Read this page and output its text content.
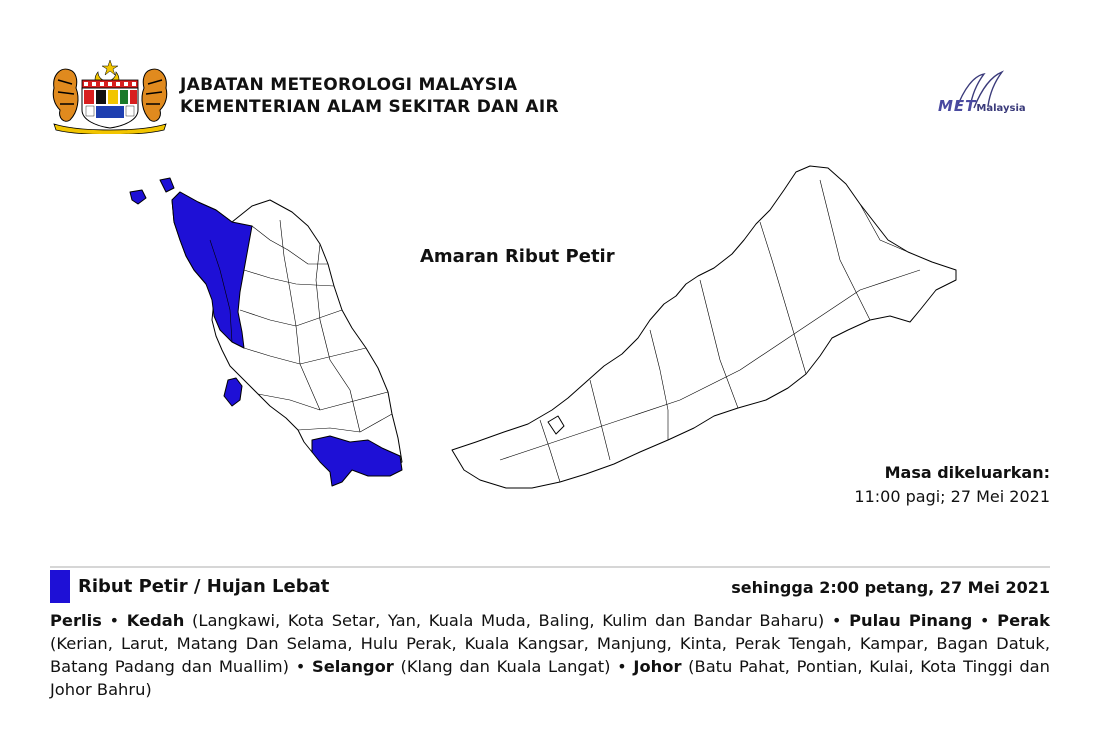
JABATAN METEOROLOGI MALAYSIA
KEMENTERIAN ALAM SEKITAR DAN AIR	METMalaysia
Amaran Ribut Petir
Masa dikeluarkan:
11:00 pagi; 27 Mei 2021
Ribut Petir / Hujan Lebat	sehingga 2:00 petang, 27 Mei 2021
Perlis • Kedah (Langkawi, Kota Setar, Yan, Kuala Muda, Baling, Kulim dan Bandar Baharu) • Pulau Pinang • Perak (Kerian, Larut, Matang Dan Selama, Hulu Perak, Kuala Kangsar, Manjung, Kinta, Perak Tengah, Kampar, Bagan Datuk, Batang Padang dan Muallim) • Selangor (Klang dan Kuala Langat) • Johor (Batu Pahat, Pontian, Kulai, Kota Tinggi dan Johor Bahru)
